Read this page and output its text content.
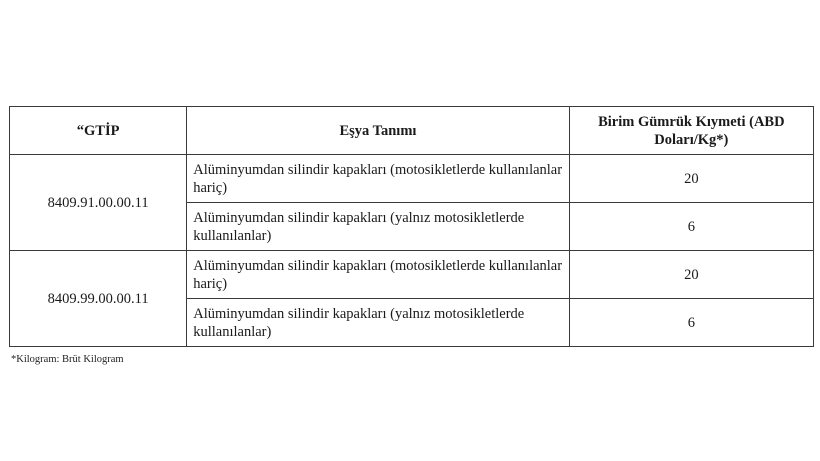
“GTİP	Eşya Tanımı	Birim Gümrük Kıymeti (ABD Doları/Kg*)
8409.91.00.00.11	Alüminyumdan silindir kapakları (motosikletlerde kullanılanlar hariç)	20
	Alüminyumdan silindir kapakları (yalnız motosikletlerde kullanılanlar)	6
8409.99.00.00.11	Alüminyumdan silindir kapakları (motosikletlerde kullanılanlar hariç)	20
	Alüminyumdan silindir kapakları (yalnız motosikletlerde kullanılanlar)	6
*Kilogram: Brüt Kilogram
